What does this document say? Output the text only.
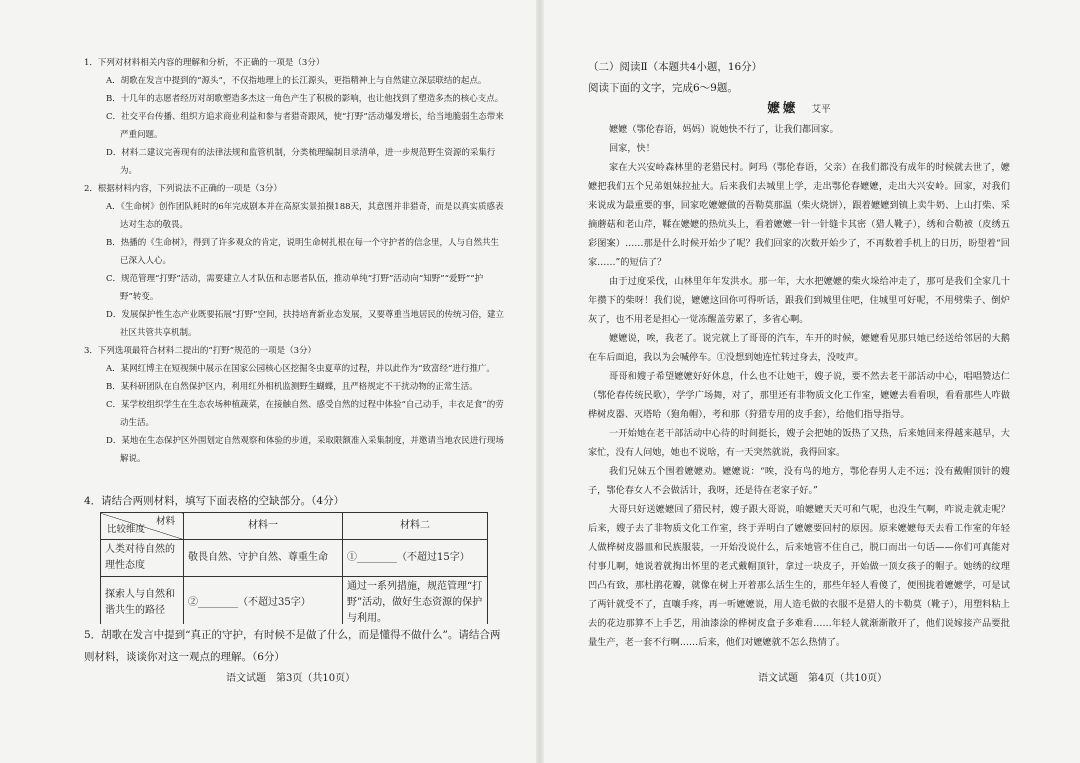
1．下列对材料相关内容的理解和分析，不正确的一项是（3分）
A．胡歌在发言中提到的“源头”，不仅指地理上的长江源头，更指精神上与自然建立深层联结的起点。
B．十几年的志愿者经历对胡歌塑造多杰这一角色产生了积极的影响，也让他找到了塑造多杰的核心支点。
C．社交平台传播、组织方追求商业利益和参与者猎奇跟风，使“打野”活动爆发增长，给当地脆弱生态带来严重问题。
D．材料二建议完善现有的法律法规和监管机制，分类梳理编制目录清单，进一步规范野生资源的采集行为。
2．根据材料内容，下列说法不正确的一项是（3分）
A．《生命树》创作团队耗时的6年完成剧本并在高原实景拍摄188天，其意图并非猎奇，而是以真实质感表达对生态的敬畏。
B．热播的《生命树》，得到了许多观众的肯定，说明生命树扎根在每一个守护者的信念里，人与自然共生已深入人心。
C．规范管理“打野”活动，需要建立人才队伍和志愿者队伍，推动单纯“打野”活动向“知野”“爱野”“护野”转变。
D．发展保护性生态产业既要拓展“打野”空间，扶持培育新业态发展，又要尊重当地居民的传统习俗，建立社区共管共享机制。
3．下列选项最符合材料二提出的“打野”规范的一项是（3分）
A．某网红博主在短视频中展示在国家公园核心区挖掘冬虫夏草的过程，并以此作为“致富经”进行推广。
B．某科研团队在自然保护区内，利用红外相机监测野生蝴蝶，且严格规定不干扰动物的正常生活。
C．某学校组织学生在生态农场种植蔬菜，在接触自然、感受自然的过程中体验“自己动手，丰衣足食”的劳动生活。
D．某地在生态保护区外围划定自然观察和体验的步道，采取限额准入采集制度，并邀请当地农民进行现场解说。
4．请结合两则材料，填写下面表格的空缺部分。（4分）
材料
比较维度	材料一	材料二
人类对待自然的理性态度	敬畏自然、守护自然、尊重生命	①________（不超过15字）
探索人与自然和谐共生的路径	②________（不超过35字）	通过一系列措施，规范管理“打野”活动，做好生态资源的保护与利用。
5．胡歌在发言中提到“真正的守护，有时候不是做了什么，而是懂得不做什么”。请结合两则材料，谈谈你对这一观点的理解。（6分）
语文试题　第3页（共10页）
（二）阅读Ⅱ（本题共4小题，16分）
阅读下面的文字，完成6～9题。
嬷嬷 艾平

嬷嬷（鄂伦春语，妈妈）说她快不行了，让我们都回家。

回家，快！

家在大兴安岭森林里的老猎民村。阿玛（鄂伦春语，父亲）在我们都没有成年的时候就去世了，嬷嬷把我们五个兄弟姐妹拉扯大。后来我们去城里上学，走出鄂伦春嬷嬷，走出大兴安岭。回家，对我们来说成为最重要的事，回家吃嬷嬷做的吾勒莫那温（柴火烧饼），跟着嬷嬷到镇上卖牛奶、上山打柴、采摘蘑菇和老山芹，鞣在嬷嬷的热炕头上，看着嬷嬷一针一针缝卡其密（猎人靴子），绣和合勒被（皮绣五彩图案）……那是什么时候开始少了呢？我们回家的次数开始少了，不再数着手机上的日历，盼望着“回家……”的短信了？

由于过度采伐，山林里年年发洪水。那一年，大水把嬷嬷的柴火垛给冲走了，那可是我们全家几十年攒下的柴呀！我们说，嬷嬷这回你可得听话，跟我们到城里住吧，住城里可好呢，不用劈柴子、倒炉灰了，也不用老是担心一觉冻醒盖劳累了，多省心啊。

嬷嬷说，唉，我老了。说完就上了哥哥的汽车，车开的时候，嬷嬷看见那只她已经送给邻居的大鹅在车后面追，我以为会喊停车。①没想到她连忙转过身去，没吱声。

哥哥和嫂子希望嬷嬷好好休息，什么也不让她干，嫂子说，要不然去老干部活动中心，唱唱赞达仁（鄂伦春传统民歌），学学广场舞，对了，那里还有非物质文化工作室，嬷嬷去看看呗，看看那些人咋做桦树皮器、灭塔哈（狍角帽），考和那（狩猎专用的皮手套），给他们指导指导。

一开始她在老干部活动中心待的时间挺长，嫂子会把她的饭热了又热，后来她回来得越来越早，大家忙，没有人问她，她也不说啥，有一天突然就说，我得回家。

我们兄妹五个围着嬷嬷劝。嬷嬷说：“唉，没有鸟的地方，鄂伦春男人走不远；没有戴帽顶针的嫂子，鄂伦春女人不会做活计，我呀，还是待在老家子好。”

大哥只好送嬷嬷回了猎民村，嫂子跟大哥说，咱嬷嬷天天可和气呢，也没生气啊，咋说走就走呢？后来，嫂子去了非物质文化工作室，终于弄明白了嬷嬷要回村的原因。原来嬷嬷每天去看工作室的年轻人做桦树皮器皿和民族服装，一开始没说什么，后来她管不住自己，脱口而出一句话——你们可真能对付事儿啊，她说着就掏出怀里的老式戴帽顶针，拿过一块皮子，开始做一顶女孩子的帽子。她绣的纹理凹凸有致，那杜鹃花瓣，就像在树上开着那么活生生的，那些年轻人看傻了，便围拢着嬷嬷学，可是试了两针就受不了，直嚷手疼，再一听嬷嬷说，用人造毛做的衣服不是猎人的卡勒莫（靴子），用塑料粘上去的花边那算不上手艺，用油漆涂的桦树皮盒子多难看……年轻人就渐渐散开了，他们说嫁接产品要批量生产，老一套不行啊……后来，他们对嬷嬷就不怎么热情了。

语文试题　第4页（共10页）
